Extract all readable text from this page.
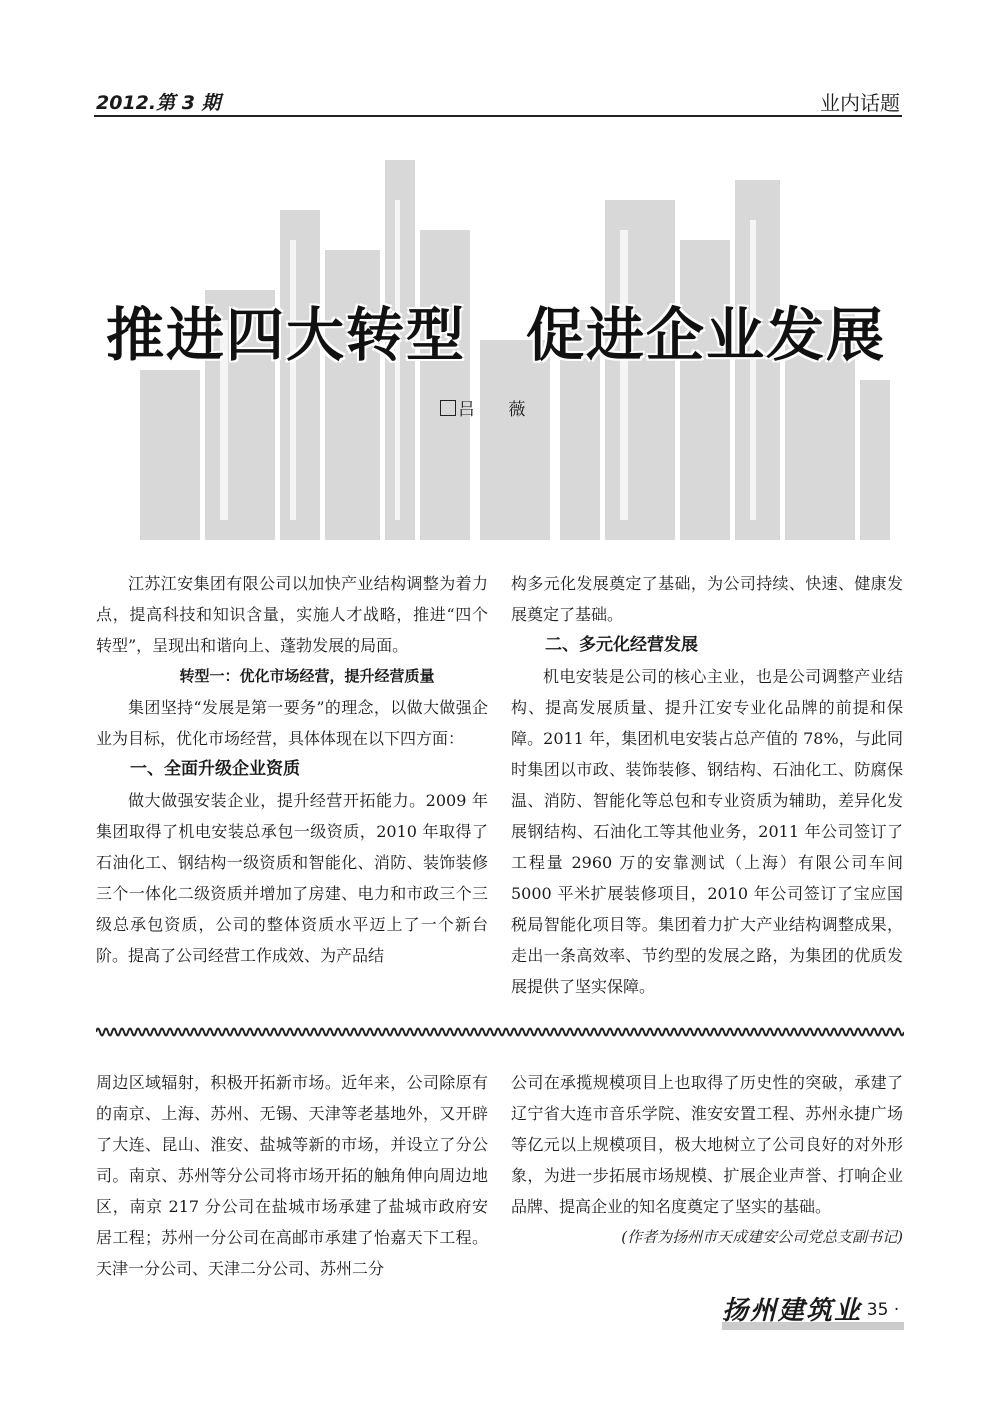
2012.第 3 期	业内话题
推进四大转型　促进企业发展
吕 薇

江苏江安集团有限公司以加快产业结构调整为着力点，提高科技和知识含量，实施人才战略，推进“四个转型”，呈现出和谐向上、蓬勃发展的局面。

转型一：优化市场经营，提升经营质量

集团坚持“发展是第一要务”的理念，以做大做强企业为目标，优化市场经营，具体体现在以下四方面：

一、全面升级企业资质

做大做强安装企业，提升经营开拓能力。2009 年集团取得了机电安装总承包一级资质，2010 年取得了石油化工、钢结构一级资质和智能化、消防、装饰装修三个一体化二级资质并增加了房建、电力和市政三个三级总承包资质，公司的整体资质水平迈上了一个新台阶。提高了公司经营工作成效、为产品结

构多元化发展奠定了基础，为公司持续、快速、健康发展奠定了基础。

二、多元化经营发展

机电安装是公司的核心主业，也是公司调整产业结构、提高发展质量、提升江安专业化品牌的前提和保障。2011 年，集团机电安装占总产值的 78%，与此同时集团以市政、装饰装修、钢结构、石油化工、防腐保温、消防、智能化等总包和专业资质为辅助，差异化发展钢结构、石油化工等其他业务，2011 年公司签订了工程量 2960 万的安靠测试（上海）有限公司车间 5000 平米扩展装修项目，2010 年公司签订了宝应国税局智能化项目等。集团着力扩大产业结构调整成果，走出一条高效率、节约型的发展之路，为集团的优质发展提供了坚实保障。

周边区域辐射，积极开拓新市场。近年来，公司除原有的南京、上海、苏州、无锡、天津等老基地外，又开辟了大连、昆山、淮安、盐城等新的市场，并设立了分公司。南京、苏州等分公司将市场开拓的触角伸向周边地区，南京 217 分公司在盐城市场承建了盐城市政府安居工程；苏州一分公司在高邮市承建了怡嘉天下工程。天津一分公司、天津二分公司、苏州二分

公司在承揽规模项目上也取得了历史性的突破，承建了辽宁省大连市音乐学院、淮安安置工程、苏州永捷广场等亿元以上规模项目，极大地树立了公司良好的对外形象，为进一步拓展市场规模、扩展企业声誉、打响企业品牌、提高企业的知名度奠定了坚实的基础。

(作者为扬州市天成建安公司党总支副书记)

扬州建筑业
· 35 ·
